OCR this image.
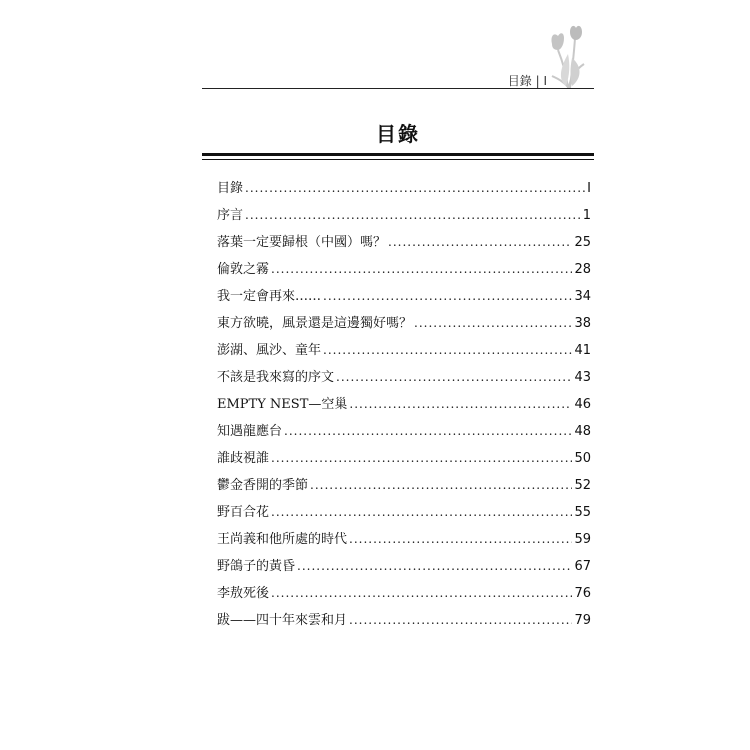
目錄 | I
目錄
目錄 .....	I
序言 .....	1
落葉一定要歸根（中國）嗎？ .....	25
倫敦之霧 .....	28
我一定會再來…… .....	34
東方欲曉，風景還是這邊獨好嗎？ .....	38
澎湖、風沙、童年 .....	41
不該是我來寫的序文 .....	43
EMPTY NEST—空巢 .....	46
知遇龍應台 .....	48
誰歧視誰 .....	50
鬱金香開的季節 .....	52
野百合花 .....	55
王尚義和他所處的時代 .....	59
野鴿子的黃昏 .....	67
李敖死後 .....	76
跋——四十年來雲和月 .....	79
